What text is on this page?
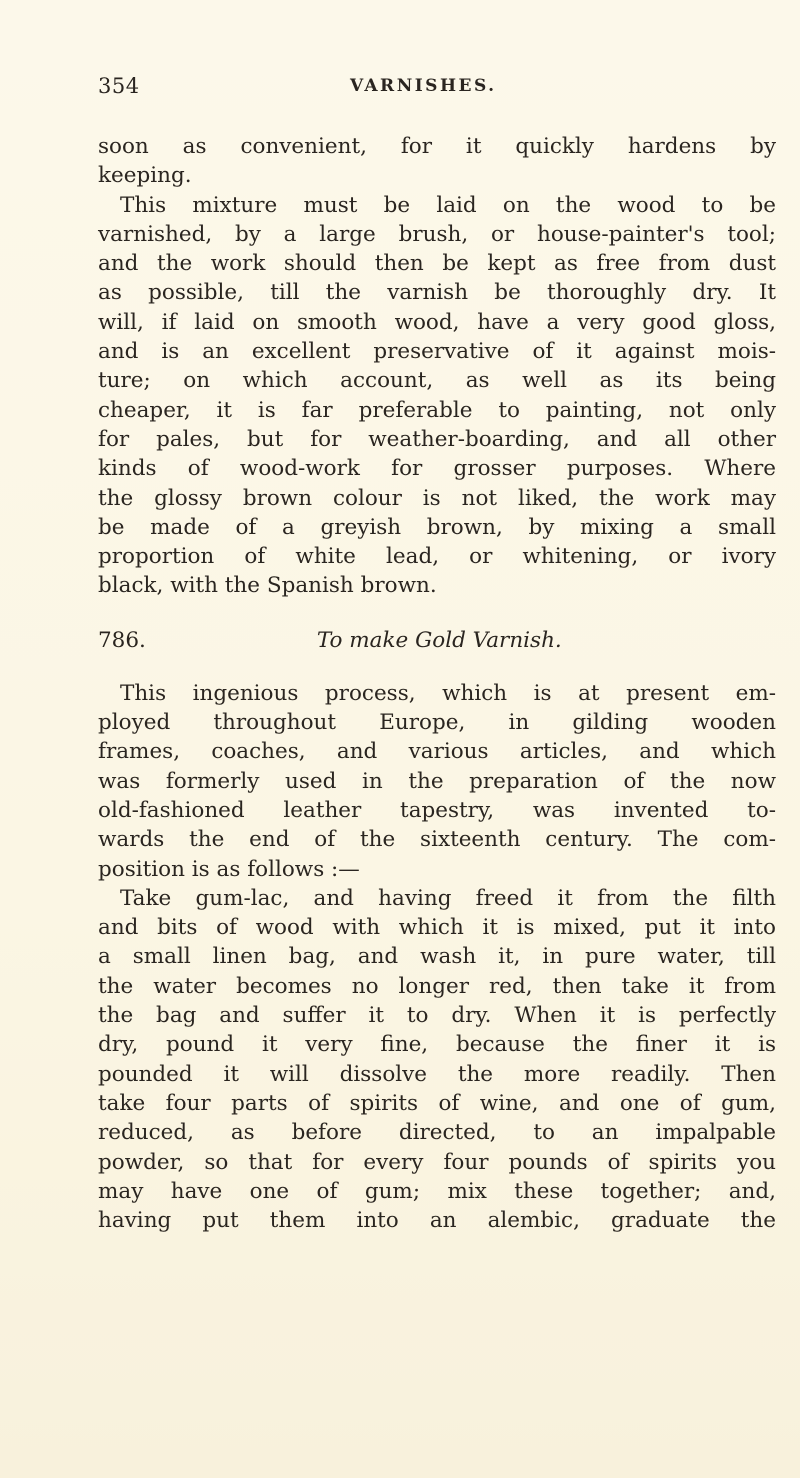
354	VARNISHES.
soon as convenient, for it quickly hardens by
keeping.
This mixture must be laid on the wood to be
varnished, by a large brush, or house-painter's tool;
and the work should then be kept as free from dust
as possible, till the varnish be thoroughly dry. It
will, if laid on smooth wood, have a very good gloss,
and is an excellent preservative of it against mois-
ture; on which account, as well as its being
cheaper, it is far preferable to painting, not only
for pales, but for weather-boarding, and all other
kinds of wood-work for grosser purposes. Where
the glossy brown colour is not liked, the work may
be made of a greyish brown, by mixing a small
proportion of white lead, or whitening, or ivory
black, with the Spanish brown.
786.	To make Gold Varnish.
This ingenious process, which is at present em-
ployed throughout Europe, in gilding wooden
frames, coaches, and various articles, and which
was formerly used in the preparation of the now
old-fashioned leather tapestry, was invented to-
wards the end of the sixteenth century. The com-
position is as follows :—
Take gum-lac, and having freed it from the filth
and bits of wood with which it is mixed, put it into
a small linen bag, and wash it, in pure water, till
the water becomes no longer red, then take it from
the bag and suffer it to dry. When it is perfectly
dry, pound it very fine, because the finer it is
pounded it will dissolve the more readily. Then
take four parts of spirits of wine, and one of gum,
reduced, as before directed, to an impalpable
powder, so that for every four pounds of spirits you
may have one of gum; mix these together; and,
having put them into an alembic, graduate the
